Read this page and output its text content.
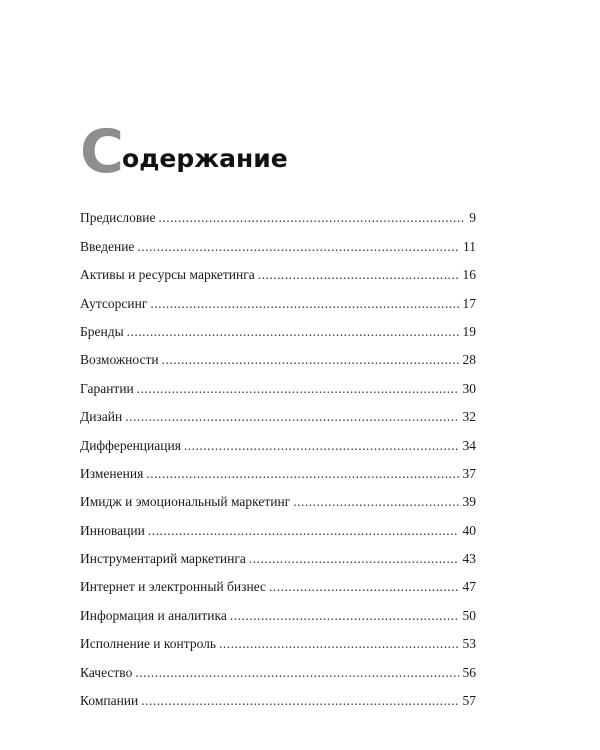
С
одержание
Предисловие .....	9
Введение .....	11
Активы и ресурсы маркетинга .....	16
Аутсорсинг .....	17
Бренды .....	19
Возможности .....	28
Гарантии .....	30
Дизайн .....	32
Дифференциация .....	34
Изменения .....	37
Имидж и эмоциональный маркетинг .....	39
Инновации .....	40
Инструментарий маркетинга .....	43
Интернет и электронный бизнес .....	47
Информация и аналитика .....	50
Исполнение и контроль .....	53
Качество .....	56
Компании .....	57
